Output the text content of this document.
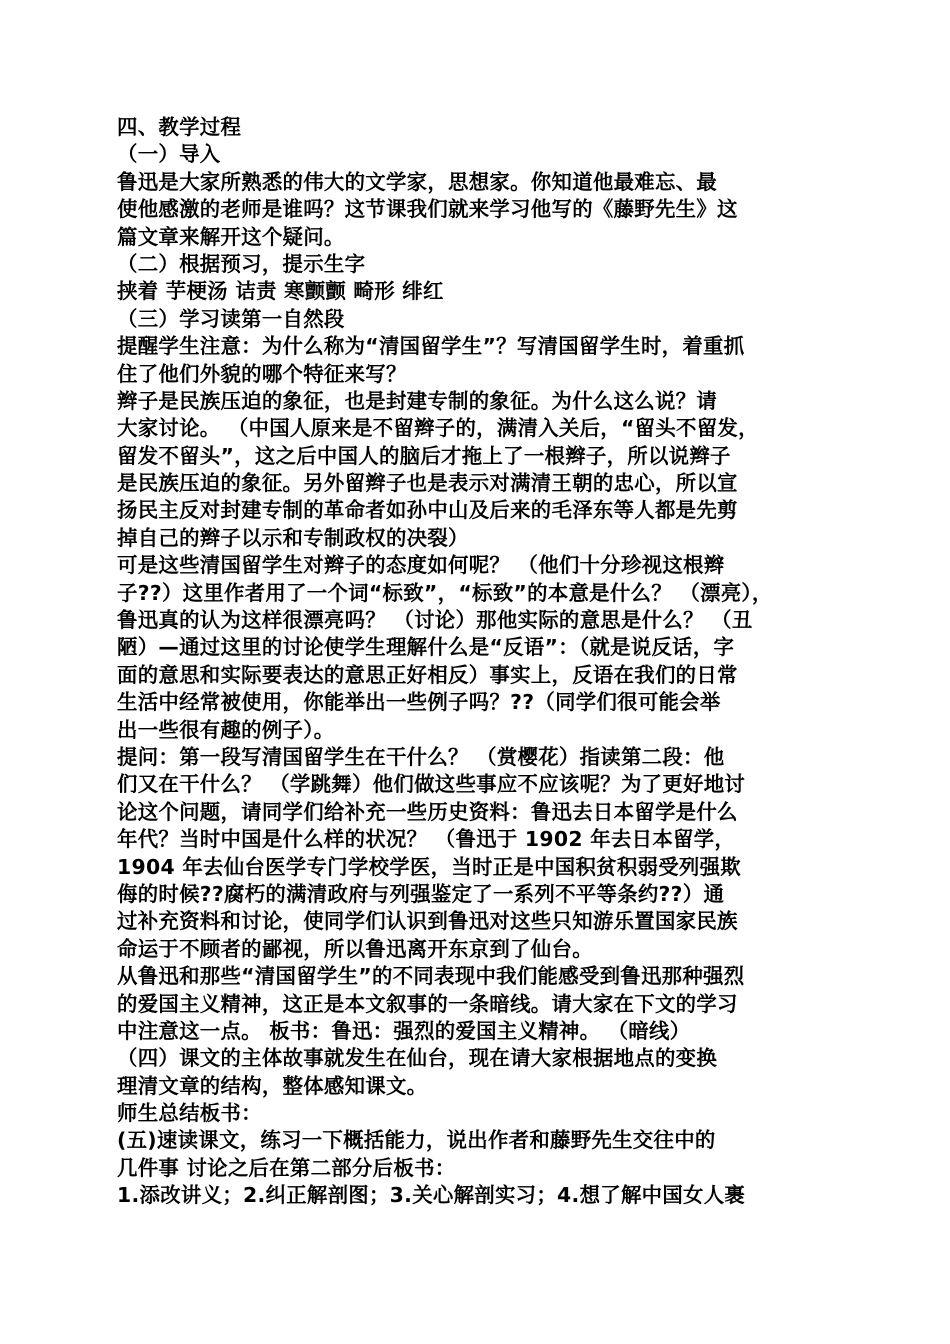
四、教学过程
（一）导入
鲁迅是大家所熟悉的伟大的文学家，思想家。你知道他最难忘、最
使他感激的老师是谁吗？这节课我们就来学习他写的《藤野先生》这
篇文章来解开这个疑问。
（二）根据预习，提示生字
挟着 芋梗汤 诘责 寒颤颤 畸形 绯红
（三）学习读第一自然段
提醒学生注意：为什么称为“清国留学生”？写清国留学生时，着重抓
住了他们外貌的哪个特征来写？
辫子是民族压迫的象征，也是封建专制的象征。为什么这么说？请
大家讨论。 （中国人原来是不留辫子的，满清入关后，“留头不留发，
留发不留头”，这之后中国人的脑后才拖上了一根辫子，所以说辫子
是民族压迫的象征。另外留辫子也是表示对满清王朝的忠心，所以宣
扬民主反对封建专制的革命者如孙中山及后来的毛泽东等人都是先剪
掉自己的辫子以示和专制政权的决裂）
可是这些清国留学生对辫子的态度如何呢？ （他们十分珍视这根辫
子??）这里作者用了一个词“标致”，“标致”的本意是什么？ （漂亮），
鲁迅真的认为这样很漂亮吗？ （讨论）那他实际的意思是什么？ （丑
陋）—通过这里的讨论使学生理解什么是“反语”：（就是说反话，字
面的意思和实际要表达的意思正好相反）事实上，反语在我们的日常
生活中经常被使用，你能举出一些例子吗？??（同学们很可能会举
出一些很有趣的例子）。
提问：第一段写清国留学生在干什么？ （赏樱花）指读第二段：他
们又在干什么？ （学跳舞）他们做这些事应不应该呢？为了更好地讨
论这个问题，请同学们给补充一些历史资料：鲁迅去日本留学是什么
年代？当时中国是什么样的状况？ （鲁迅于 1902 年去日本留学，
1904 年去仙台医学专门学校学医，当时正是中国积贫积弱受列强欺
侮的时候??腐朽的满清政府与列强鉴定了一系列不平等条约??）通
过补充资料和讨论，使同学们认识到鲁迅对这些只知游乐置国家民族
命运于不顾者的鄙视，所以鲁迅离开东京到了仙台。
从鲁迅和那些“清国留学生”的不同表现中我们能感受到鲁迅那种强烈
的爱国主义精神，这正是本文叙事的一条暗线。请大家在下文的学习
中注意这一点。 板书：鲁迅：强烈的爱国主义精神。 （暗线）
（四）课文的主体故事就发生在仙台，现在请大家根据地点的变换
理清文章的结构，整体感知课文。
师生总结板书：
(五)速读课文，练习一下概括能力，说出作者和藤野先生交往中的
几件事 讨论之后在第二部分后板书：
1.添改讲义；2.纠正解剖图；3.关心解剖实习；4.想了解中国女人裹
